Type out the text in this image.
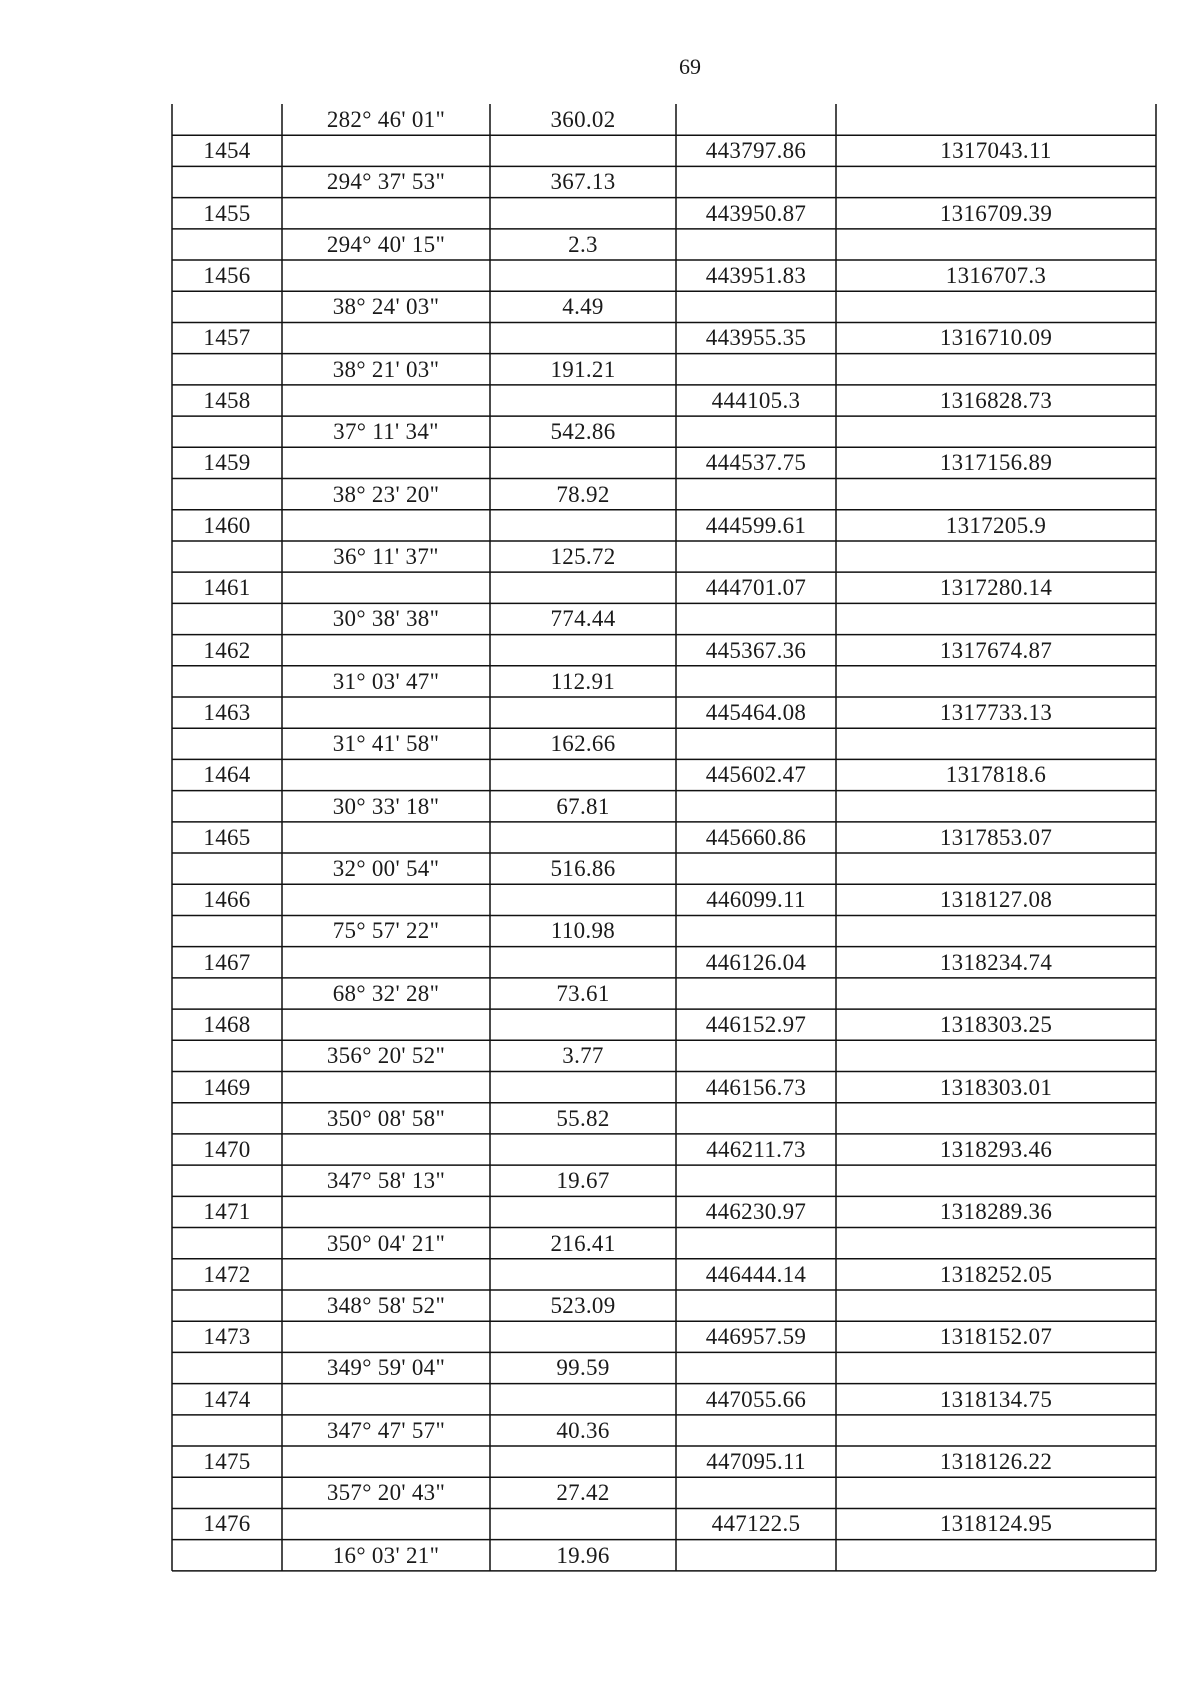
69
282° 46' 01"	360.02
1454	443797.86	1317043.11
294° 37' 53"	367.13
1455	443950.87	1316709.39
294° 40' 15"	2.3
1456	443951.83	1316707.3
38° 24' 03"	4.49
1457	443955.35	1316710.09
38° 21' 03"	191.21
1458	444105.3	1316828.73
37° 11' 34"	542.86
1459	444537.75	1317156.89
38° 23' 20"	78.92
1460	444599.61	1317205.9
36° 11' 37"	125.72
1461	444701.07	1317280.14
30° 38' 38"	774.44
1462	445367.36	1317674.87
31° 03' 47"	112.91
1463	445464.08	1317733.13
31° 41' 58"	162.66
1464	445602.47	1317818.6
30° 33' 18"	67.81
1465	445660.86	1317853.07
32° 00' 54"	516.86
1466	446099.11	1318127.08
75° 57' 22"	110.98
1467	446126.04	1318234.74
68° 32' 28"	73.61
1468	446152.97	1318303.25
356° 20' 52"	3.77
1469	446156.73	1318303.01
350° 08' 58"	55.82
1470	446211.73	1318293.46
347° 58' 13"	19.67
1471	446230.97	1318289.36
350° 04' 21"	216.41
1472	446444.14	1318252.05
348° 58' 52"	523.09
1473	446957.59	1318152.07
349° 59' 04"	99.59
1474	447055.66	1318134.75
347° 47' 57"	40.36
1475	447095.11	1318126.22
357° 20' 43"	27.42
1476	447122.5	1318124.95
16° 03' 21"	19.96
